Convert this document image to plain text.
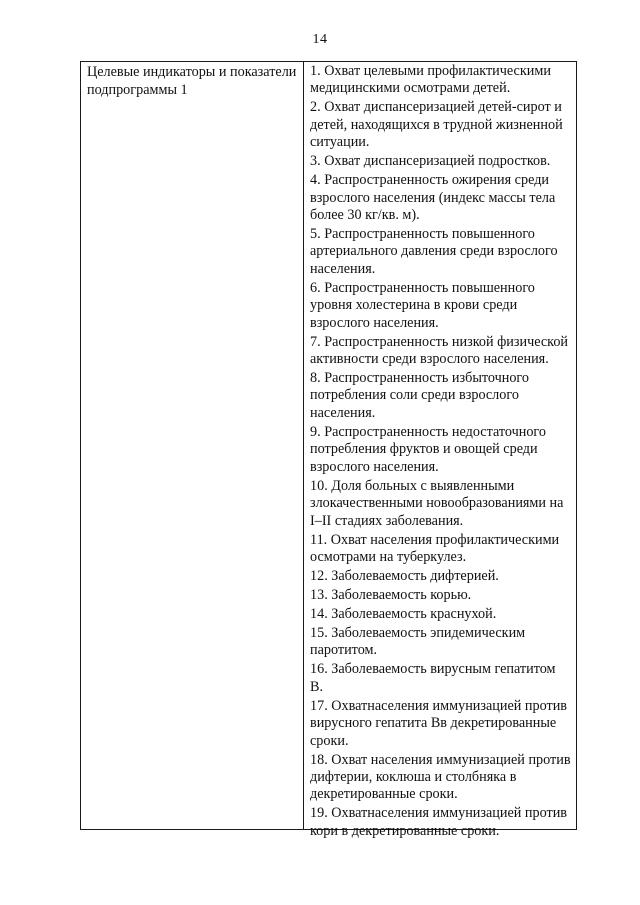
14
Целевые индикаторы и показатели подпрограммы 1

1. Охват целевыми профилактическими медицинскими осмотрами детей.

2. Охват диспансеризацией детей-сирот и детей, находящихся в трудной жизненной ситуации.

3. Охват диспансеризацией подростков.

4. Распространенность ожирения среди взрослого населения (индекс массы тела более 30 кг/кв. м).

5. Распространенность повышенного артериального давления среди взрослого населения.

6. Распространенность повышенного уровня холестерина в крови среди взрослого населения.

7. Распространенность низкой физической активности среди взрослого населения.

8. Распространенность избыточного потребления соли среди взрослого населения.

9. Распространенность недостаточного потребления фруктов и овощей среди взрослого населения.

10. Доля больных с выявленными злокачественными новообразованиями на I–II стадиях заболевания.

11. Охват населения профилактическими осмотрами на туберкулез.

12. Заболеваемость дифтерией.

13. Заболеваемость корью.

14. Заболеваемость краснухой.

15. Заболеваемость эпидемическим паротитом.

16. Заболеваемость вирусным гепатитом В.

17. Охватнаселения иммунизацией против вирусного гепатита Вв декретированные сроки.

18. Охват населения иммунизацией против дифтерии, коклюша и столбняка в декретированные сроки.

19. Охватнаселения иммунизацией против кори в декретированные сроки.
